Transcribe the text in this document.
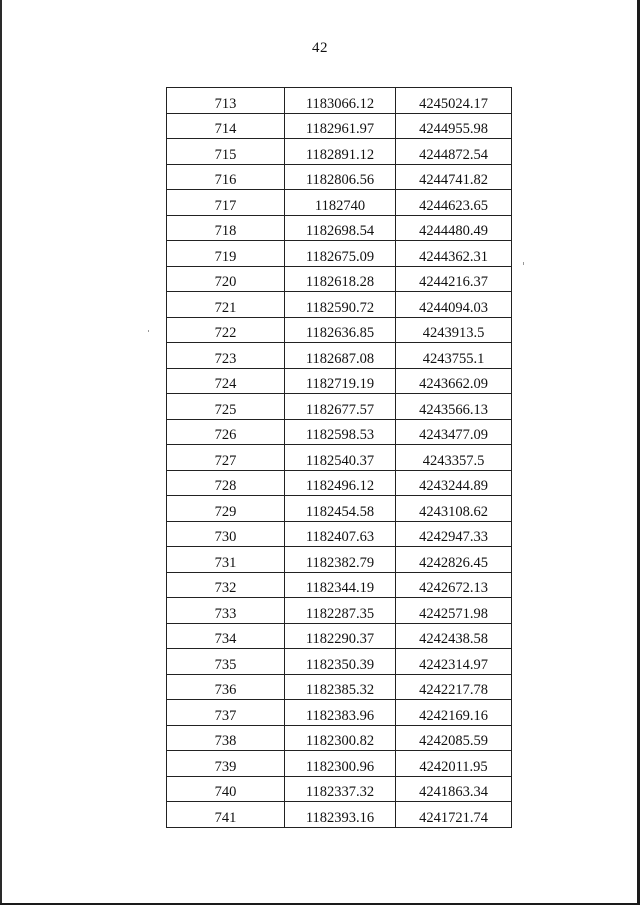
42
713	1183066.12	4245024.17
714	1182961.97	4244955.98
715	1182891.12	4244872.54
716	1182806.56	4244741.82
717	1182740	4244623.65
718	1182698.54	4244480.49
719	1182675.09	4244362.31
720	1182618.28	4244216.37
721	1182590.72	4244094.03
722	1182636.85	4243913.5
723	1182687.08	4243755.1
724	1182719.19	4243662.09
725	1182677.57	4243566.13
726	1182598.53	4243477.09
727	1182540.37	4243357.5
728	1182496.12	4243244.89
729	1182454.58	4243108.62
730	1182407.63	4242947.33
731	1182382.79	4242826.45
732	1182344.19	4242672.13
733	1182287.35	4242571.98
734	1182290.37	4242438.58
735	1182350.39	4242314.97
736	1182385.32	4242217.78
737	1182383.96	4242169.16
738	1182300.82	4242085.59
739	1182300.96	4242011.95
740	1182337.32	4241863.34
741	1182393.16	4241721.74
